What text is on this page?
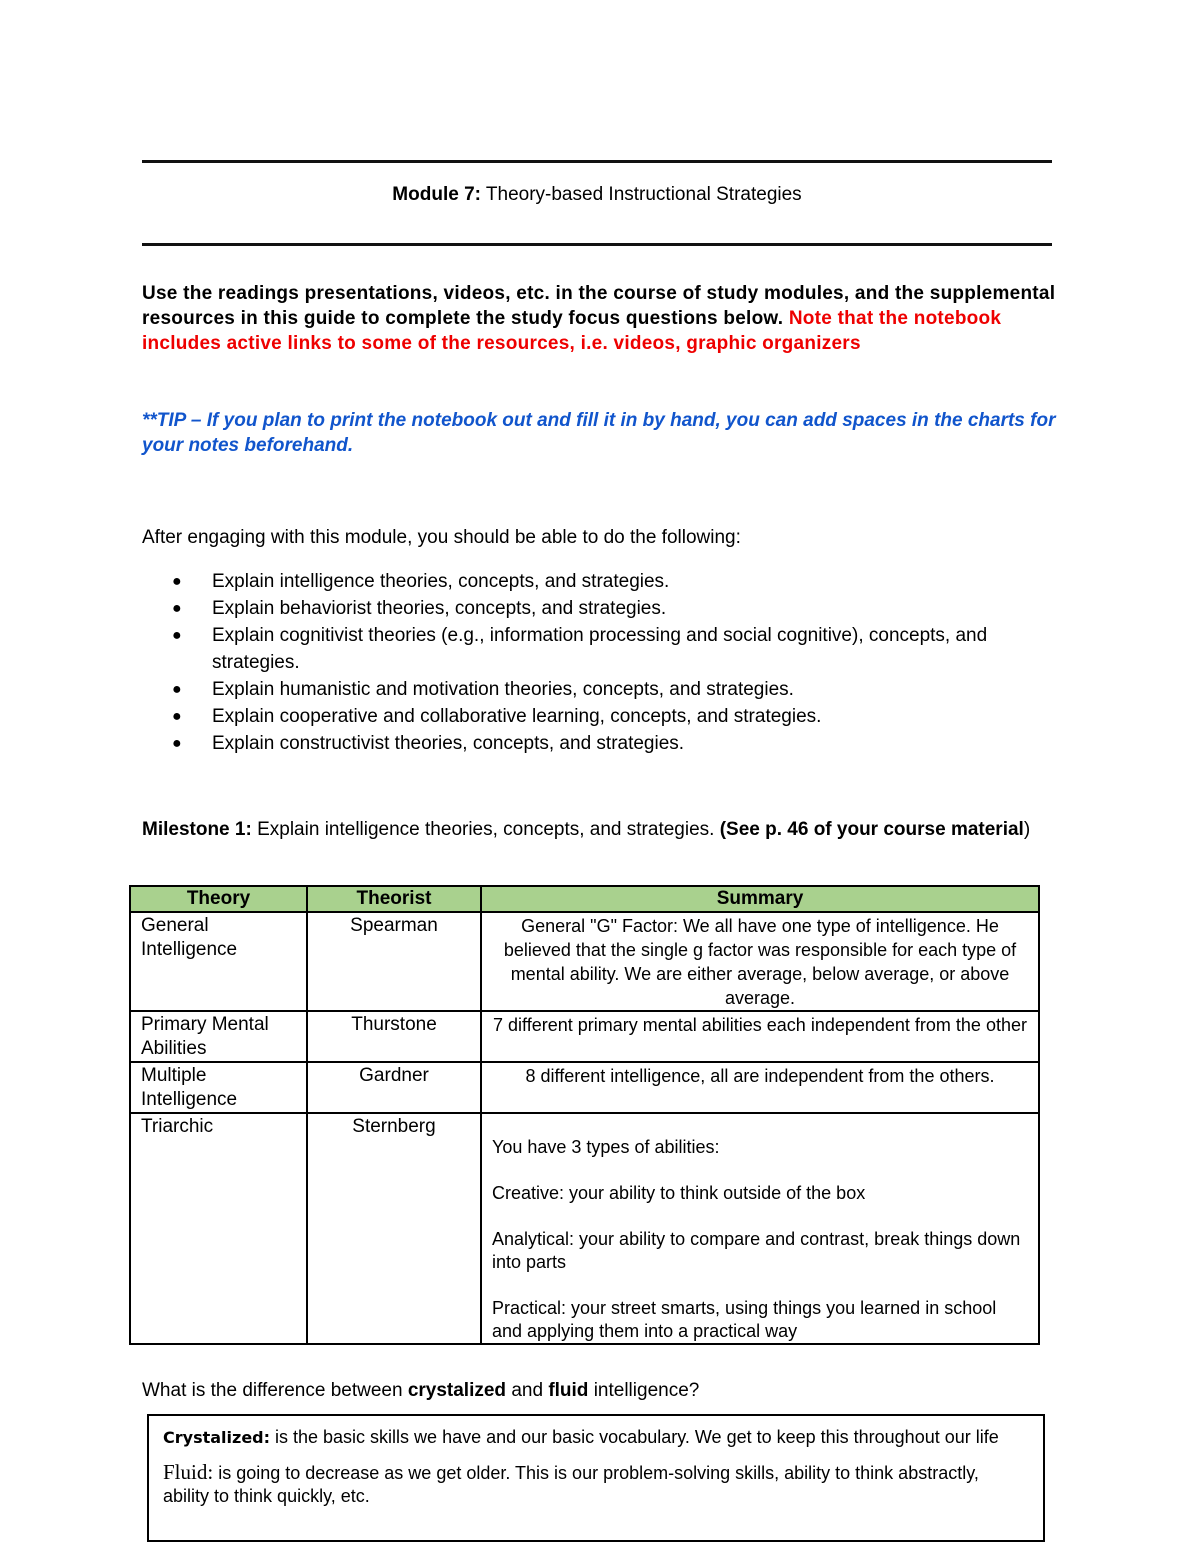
Module 7: Theory-based Instructional Strategies
Use the readings presentations, videos, etc. in the course of study modules, and the supplemental resources in this guide to complete the study focus questions below. Note that the notebook includes active links to some of the resources, i.e. videos, graphic organizers
**TIP – If you plan to print the notebook out and fill it in by hand, you can add spaces in the charts for your notes beforehand.
After engaging with this module, you should be able to do the following:
● Explain intelligence theories, concepts, and strategies.
● Explain behaviorist theories, concepts, and strategies.
● Explain cognitivist theories (e.g., information processing and social cognitive), concepts, and strategies.
● Explain humanistic and motivation theories, concepts, and strategies.
● Explain cooperative and collaborative learning, concepts, and strategies.
● Explain constructivist theories, concepts, and strategies.
Milestone 1: Explain intelligence theories, concepts, and strategies. (See p. 46 of your course material)
Theory	Theorist	Summary
General Intelligence	Spearman	General "G" Factor: We all have one type of intelligence. He believed that the single g factor was responsible for each type of mental ability. We are either average, below average, or above average.
Primary Mental Abilities	Thurstone	7 different primary mental abilities each independent from the other
Multiple Intelligence	Gardner	8 different intelligence, all are independent from the others.
Triarchic	Sternberg	You have 3 types of abilities:

Creative: your ability to think outside of the box

Analytical: your ability to compare and contrast, break things down into parts

Practical: your street smarts, using things you learned in school and applying them into a practical way

What is the difference between crystalized and fluid intelligence?

Crystalized: is the basic skills we have and our basic vocabulary. We get to keep this throughout our life

Fluid: is going to decrease as we get older. This is our problem-solving skills, ability to think abstractly, ability to think quickly, etc.
